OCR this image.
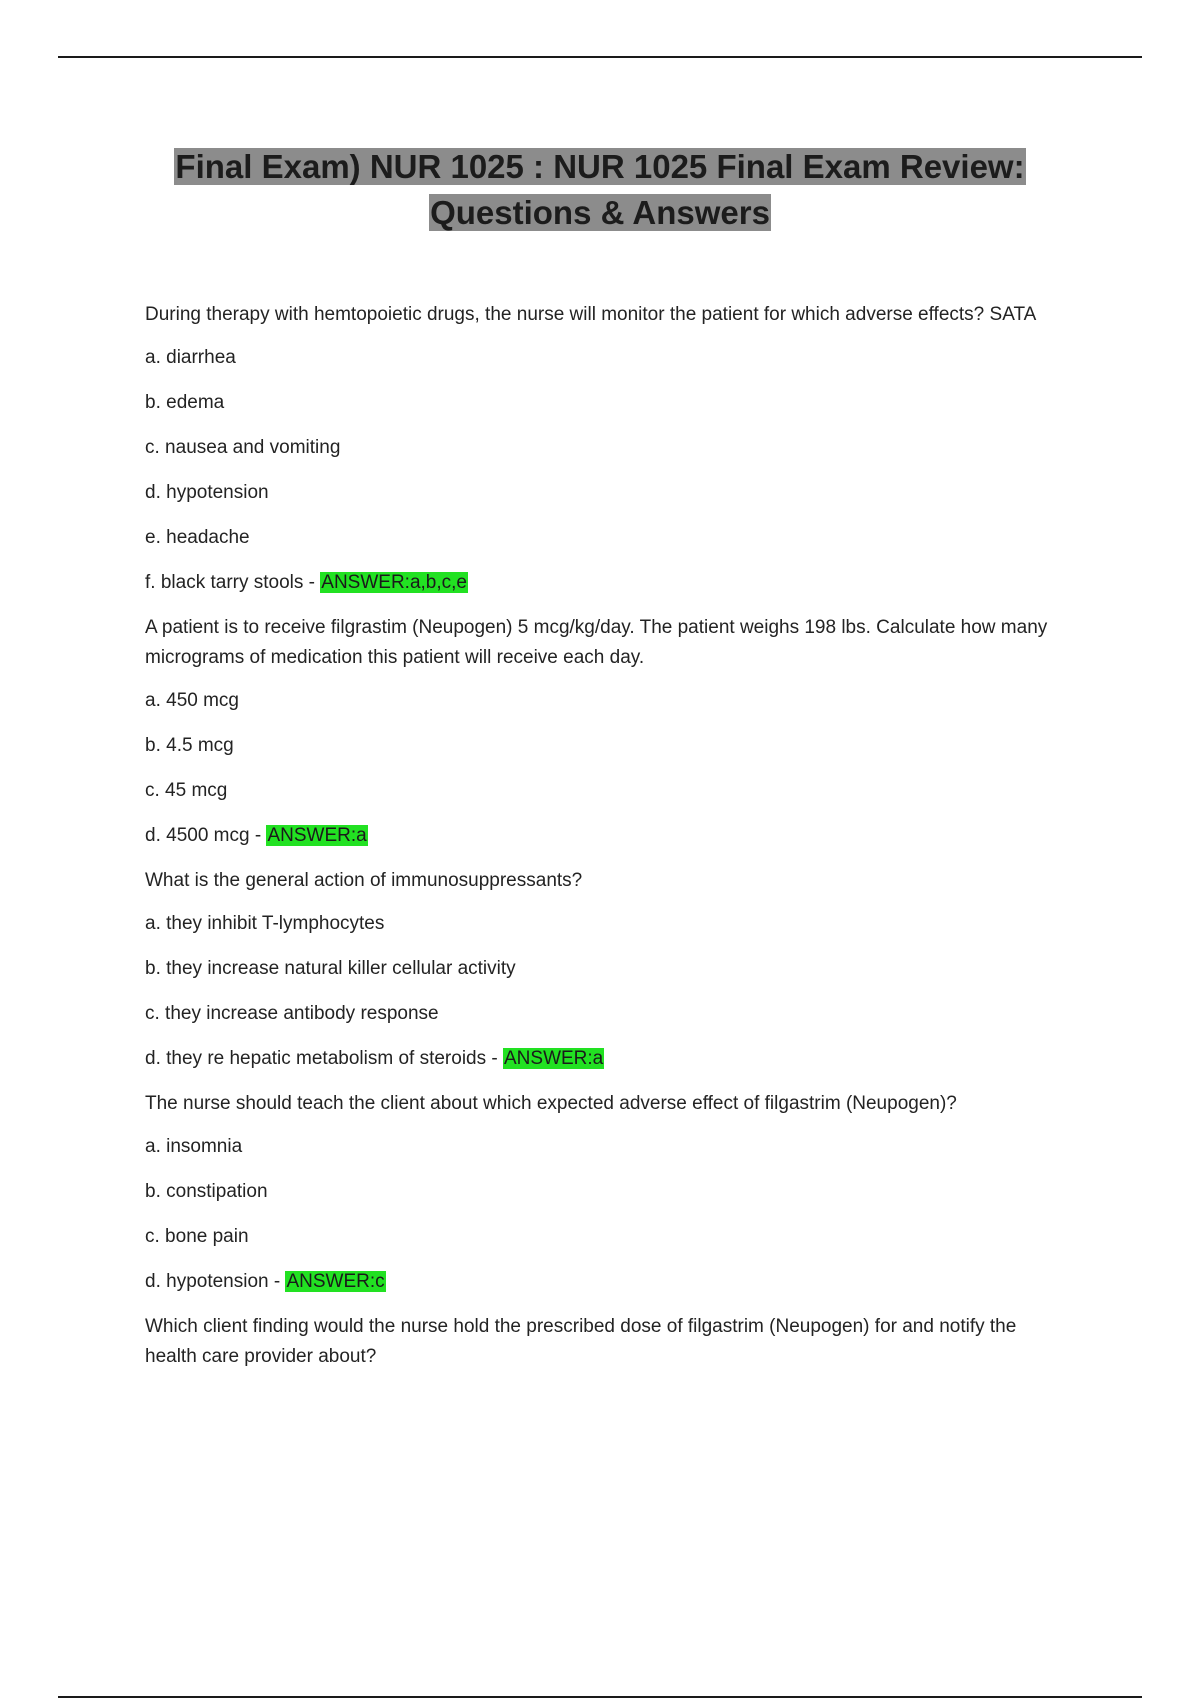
Final Exam) NUR 1025 : NUR 1025 Final Exam Review:
Questions & Answers
During therapy with hemtopoietic drugs, the nurse will monitor the patient for which adverse effects? SATA
a. diarrhea
b. edema
c. nausea and vomiting
d. hypotension
e. headache
f. black tarry stools - ANSWER:a,b,c,e
A patient is to receive filgrastim (Neupogen) 5 mcg/kg/day. The patient weighs 198 lbs. Calculate how many micrograms of medication this patient will receive each day.
a. 450 mcg
b. 4.5 mcg
c. 45 mcg
d. 4500 mcg - ANSWER:a
What is the general action of immunosuppressants?
a. they inhibit T-lymphocytes
b. they increase natural killer cellular activity
c. they increase antibody response
d. they re hepatic metabolism of steroids - ANSWER:a
The nurse should teach the client about which expected adverse effect of filgastrim (Neupogen)?
a. insomnia
b. constipation
c. bone pain
d. hypotension - ANSWER:c
Which client finding would the nurse hold the prescribed dose of filgastrim (Neupogen) for and notify the health care provider about?
